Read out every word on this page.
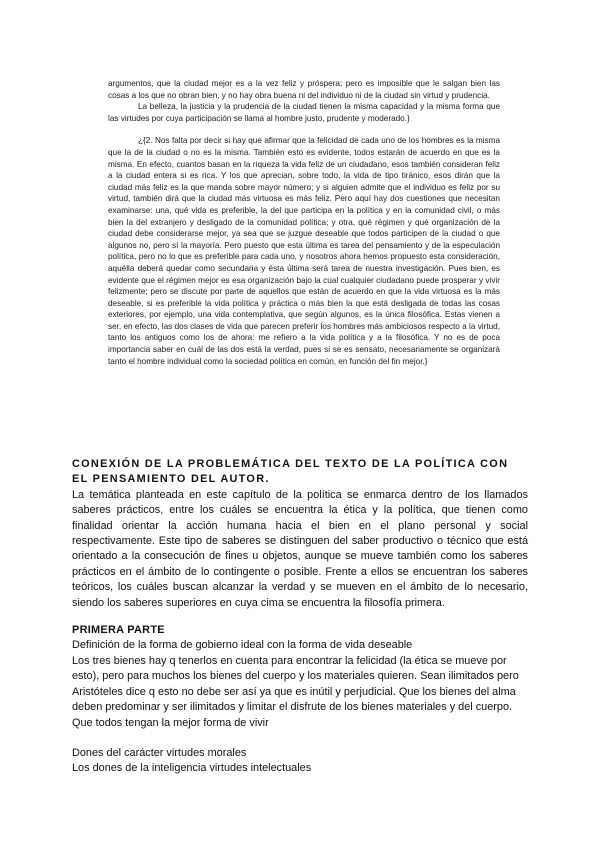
argumentos, que la ciudad mejor es a la vez feliz y próspera; pero es imposible que le salgan bien las cosas a los que no obran bien, y no hay obra buena ni del individuo ni de la ciudad sin virtud y prudencia.

La belleza, la justicia y la prudencia de la ciudad tienen la misma capacidad y la misma forma que las virtudes por cuya participación se llama al hombre justo, prudente y moderado.}

¿{2. Nos falta por decir si hay que afirmar que la felicidad de cada uno de los hombres es la misma que la de la ciudad o no es la misma. También esto es evidente, todos estarán de acuerdo en que es la misma. En efecto, cuantos basan en la riqueza la vida feliz de un ciudadano, esos también consideran feliz a la ciudad entera si es rica. Y los que aprecian, sobre todo, la vida de tipo tiránico, esos dirán que la ciudad más feliz es la que manda sobre mayor número; y si alguien admite que el individuo es feliz por su virtud, también dirá que la ciudad más virtuosa es más feliz. Pero aquí hay dos cuestiones que necesitan examinarse: una, qué vida es preferible, la del que participa en la política y en la comunidad civil, o más bien la del extranjero y desligado de la comunidad política; y otra, qué régimen y qué organización de la ciudad debe considerarse mejor, ya sea que se juzgue deseable que todos participen de la ciudad o que algunos no, pero sí la mayoría. Pero puesto que esta última es tarea del pensamiento y de la especulación política, pero no lo que es preferible para cada uno, y nosotros ahora hemos propuesto esta consideración, aquélla deberá quedar como secundaria y ésta última será tarea de nuestra investigación. Pues bien, es evidente que el régimen mejor es esa organización bajo la cual cualquier ciudadano puede prosperar y vivir felizmente; pero se discute por parte de aquellos que están de acuerdo en que la vida virtuosa es la más deseable, si es preferible la vida política y práctica o más bien la que está desligada de todas las cosas exteriores, por ejemplo, una vida contemplativa, que según algunos, es la única filosófica. Estas vienen a ser, en efecto, las dos clases de vida que parecen preferir los hombres más ambiciosos respecto a la virtud, tanto los antiguos como los de ahora: me refiero a la vida política y a la filosófica. Y no es de poca importancia saber en cuál de las dos está la verdad, pues si se es sensato, necesariamente se organizará tanto el hombre individual como la sociedad política en común, en función del fin mejor.}

CONEXIÓN DE LA PROBLEMÁTICA DEL TEXTO DE LA POLÍTICA CON EL PENSAMIENTO DEL AUTOR.

La temática planteada en este capítulo de la política se enmarca dentro de los llamados saberes prácticos, entre los cuáles se encuentra la ética y la política, que tienen como finalidad orientar la acción humana hacia el bien en el plano personal y social respectivamente. Este tipo de saberes se distinguen del saber productivo o técnico que está orientado a la consecución de fines u objetos, aunque se mueve también como los saberes prácticos en el ámbito de lo contingente o posible. Frente a ellos se encuentran los saberes teóricos, los cuáles buscan alcanzar la verdad y se mueven en el ámbito de lo necesario, siendo los saberes superiores en cuya cima se encuentra la filosofía primera.

PRIMERA PARTE

Definición de la forma de gobierno ideal con la forma de vida deseable

Los tres bienes hay q tenerlos en cuenta para encontrar la felicidad (la ética se mueve por esto), pero para muchos los bienes del cuerpo y los materiales quieren. Sean ilimitados pero Aristóteles dice q esto no debe ser así ya que es inútil y perjudicial. Que los bienes del alma deben predominar y ser ilimitados y limitar el disfrute de los bienes materiales y del cuerpo.

Que todos tengan la mejor forma de vivir

Dones del carácter virtudes morales

Los dones de la inteligencia virtudes intelectuales
